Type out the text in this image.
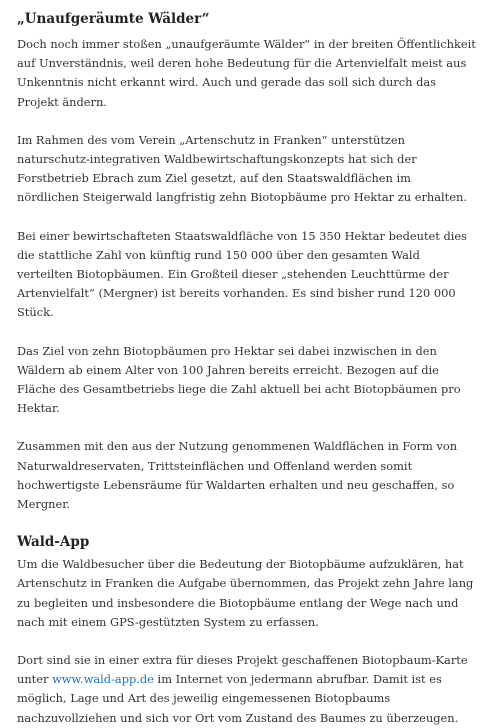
„Unaufgeräumte Wälder“

Doch noch immer stoßen „unaufgeräumte Wälder“ in der breiten Öffentlichkeit auf Unverständnis, weil deren hohe Bedeutung für die Artenvielfalt meist aus Unkenntnis nicht erkannt wird. Auch und gerade das soll sich durch das Projekt ändern.

Im Rahmen des vom Verein „Artenschutz in Franken“ unterstützen naturschutz-integrativen Waldbewirtschaftungskonzepts hat sich der Forstbetrieb Ebrach zum Ziel gesetzt, auf den Staatswaldflächen im nördlichen Steigerwald langfristig zehn Biotopbäume pro Hektar zu erhalten.

Bei einer bewirtschafteten Staatswaldfläche von 15 350 Hektar bedeutet dies die stattliche Zahl von künftig rund 150 000 über den gesamten Wald verteilten Biotopbäumen. Ein Großteil dieser „stehenden Leuchttürme der Artenvielfalt“ (Mergner) ist bereits vorhanden. Es sind bisher rund 120 000 Stück.

Das Ziel von zehn Biotopbäumen pro Hektar sei dabei inzwischen in den Wäldern ab einem Alter von 100 Jahren bereits erreicht. Bezogen auf die Fläche des Gesamtbetriebs liege die Zahl aktuell bei acht Biotopbäumen pro Hektar.

Zusammen mit den aus der Nutzung genommenen Waldflächen in Form von Naturwaldreservaten, Trittsteinflächen und Offenland werden somit hochwertigste Lebensräume für Waldarten erhalten und neu geschaffen, so Mergner.

Wald-App

Um die Waldbesucher über die Bedeutung der Biotopbäume aufzuklären, hat Artenschutz in Franken die Aufgabe übernommen, das Projekt zehn Jahre lang zu begleiten und insbesondere die Biotopbäume entlang der Wege nach und nach mit einem GPS-gestützten System zu erfassen.

Dort sind sie in einer extra für dieses Projekt geschaffenen Biotopbaum-Karte unter www.wald-app.de im Internet von jedermann abrufbar. Damit ist es möglich, Lage und Art des jeweilig eingemessenen Biotopbaums nachzuvollziehen und sich vor Ort vom Zustand des Baumes zu überzeugen.
